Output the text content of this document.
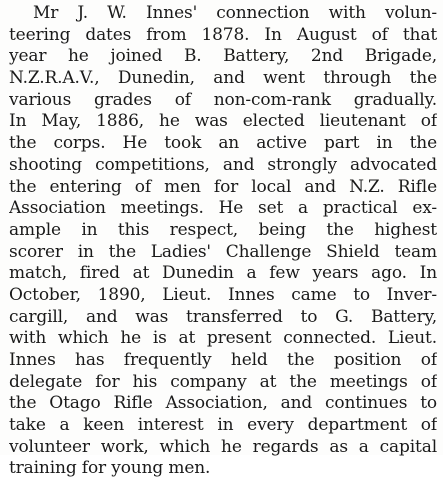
Mr J. W. Innes' connection with volun-
teering dates from 1878. In August of that
year he joined B. Battery, 2nd Brigade,
N.Z.R.A.V., Dunedin, and went through the
various grades of non-com-rank gradually.
In May, 1886, he was elected lieutenant of
the corps. He took an active part in the
shooting competitions, and strongly advocated
the entering of men for local and N.Z. Rifle
Association meetings. He set a practical ex-
ample in this respect, being the highest
scorer in the Ladies' Challenge Shield team
match, fired at Dunedin a few years ago. In
October, 1890, Lieut. Innes came to Inver-
cargill, and was transferred to G. Battery,
with which he is at present connected. Lieut.
Innes has frequently held the position of
delegate for his company at the meetings of
the Otago Rifle Association, and continues to
take a keen interest in every department of
volunteer work, which he regards as a capital
training for young men.
